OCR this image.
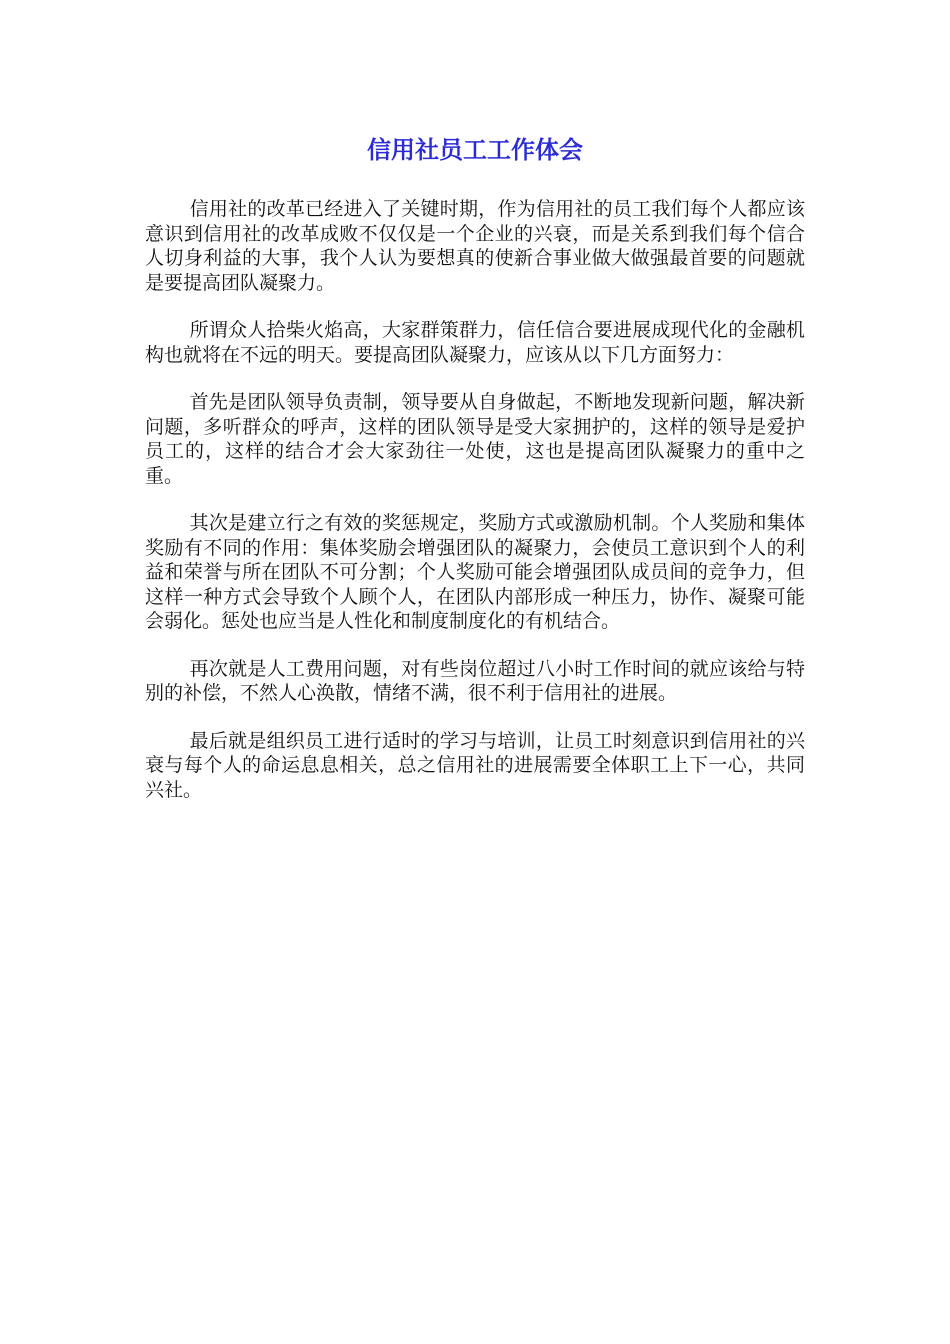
信用社员工工作体会

信用社的改革已经进入了关键时期，作为信用社的员工我们每个人都应该意识到信用社的改革成败不仅仅是一个企业的兴衰，而是关系到我们每个信合人切身利益的大事，我个人认为要想真的使新合事业做大做强最首要的问题就是要提高团队凝聚力。

所谓众人拾柴火焰高，大家群策群力，信任信合要进展成现代化的金融机构也就将在不远的明天。要提高团队凝聚力，应该从以下几方面努力：

首先是团队领导负责制，领导要从自身做起，不断地发现新问题，解决新问题，多听群众的呼声，这样的团队领导是受大家拥护的，这样的领导是爱护员工的，这样的结合才会大家劲往一处使，这也是提高团队凝聚力的重中之重。

其次是建立行之有效的奖惩规定，奖励方式或激励机制。个人奖励和集体奖励有不同的作用：集体奖励会增强团队的凝聚力，会使员工意识到个人的利益和荣誉与所在团队不可分割；个人奖励可能会增强团队成员间的竞争力，但这样一种方式会导致个人顾个人，在团队内部形成一种压力，协作、凝聚可能会弱化。惩处也应当是人性化和制度制度化的有机结合。

再次就是人工费用问题，对有些岗位超过八小时工作时间的就应该给与特别的补偿，不然人心涣散，情绪不满，很不利于信用社的进展。

最后就是组织员工进行适时的学习与培训，让员工时刻意识到信用社的兴衰与每个人的命运息息相关，总之信用社的进展需要全体职工上下一心，共同兴社。
